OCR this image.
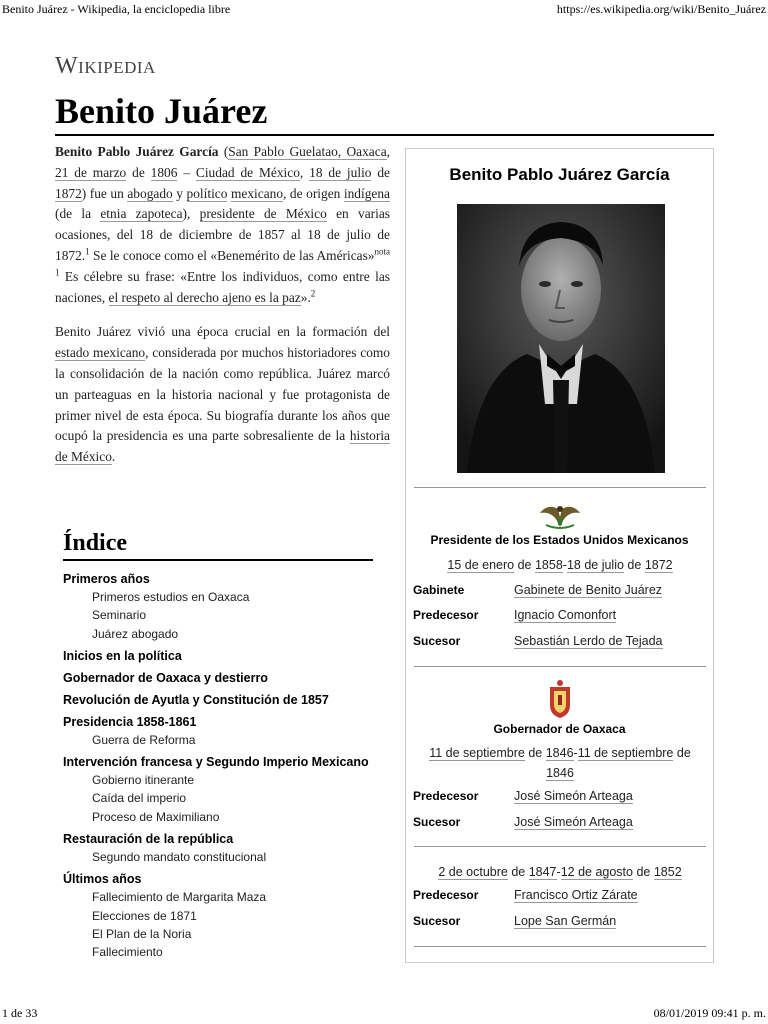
Benito Juárez - Wikipedia, la enciclopedia libre	https://es.wikipedia.org/wiki/Benito_Juárez
Wikipedia
Benito Juárez

Benito Pablo Juárez García (San Pablo Guelatao, Oaxaca, 21 de marzo de 1806 – Ciudad de México, 18 de julio de 1872) fue un abogado y político mexicano, de origen indígena (de la etnia zapoteca), presidente de México en varias ocasiones, del 18 de diciembre de 1857 al 18 de julio de 1872.$^1$ Se le conoce como el «Benemérito de las Américas»$^{nota 1}$ Es célebre su frase: «Entre los individuos, como entre las naciones, el respeto al derecho ajeno es la paz».$^2$

Benito Juárez vivió una época crucial en la formación del estado mexicano, considerada por muchos historiadores como la consolidación de la nación como república. Juárez marcó un parteaguas en la historia nacional y fue protagonista de primer nivel de esta época. Su biografía durante los años que ocupó la presidencia es una parte sobresaliente de la historia de México.

Índice
Primeros años
Primeros estudios en Oaxaca
Seminario
Juárez abogado
Inicios en la política
Gobernador de Oaxaca y destierro
Revolución de Ayutla y Constitución de 1857
Presidencia 1858-1861
Guerra de Reforma
Intervención francesa y Segundo Imperio Mexicano
Gobierno itinerante
Caída del imperio
Proceso de Maximiliano
Restauración de la república
Segundo mandato constitucional
Últimos años
Fallecimiento de Margarita Maza
Elecciones de 1871
El Plan de la Noria
Fallecimiento
Benito Pablo Juárez García
Presidente de los Estados Unidos Mexicanos
15 de enero de 1858-18 de julio de 1872
Gabinete	Gabinete de Benito Juárez
Predecesor	Ignacio Comonfort
Sucesor	Sebastián Lerdo de Tejada
Gobernador de Oaxaca
11 de septiembre de 1846-11 de septiembre de 1846
Predecesor	José Simeón Arteaga
Sucesor	José Simeón Arteaga
2 de octubre de 1847-12 de agosto de 1852
Predecesor	Francisco Ortiz Zárate
Sucesor	Lope San Germán
1 de 33	08/01/2019 09:41 p. m.
